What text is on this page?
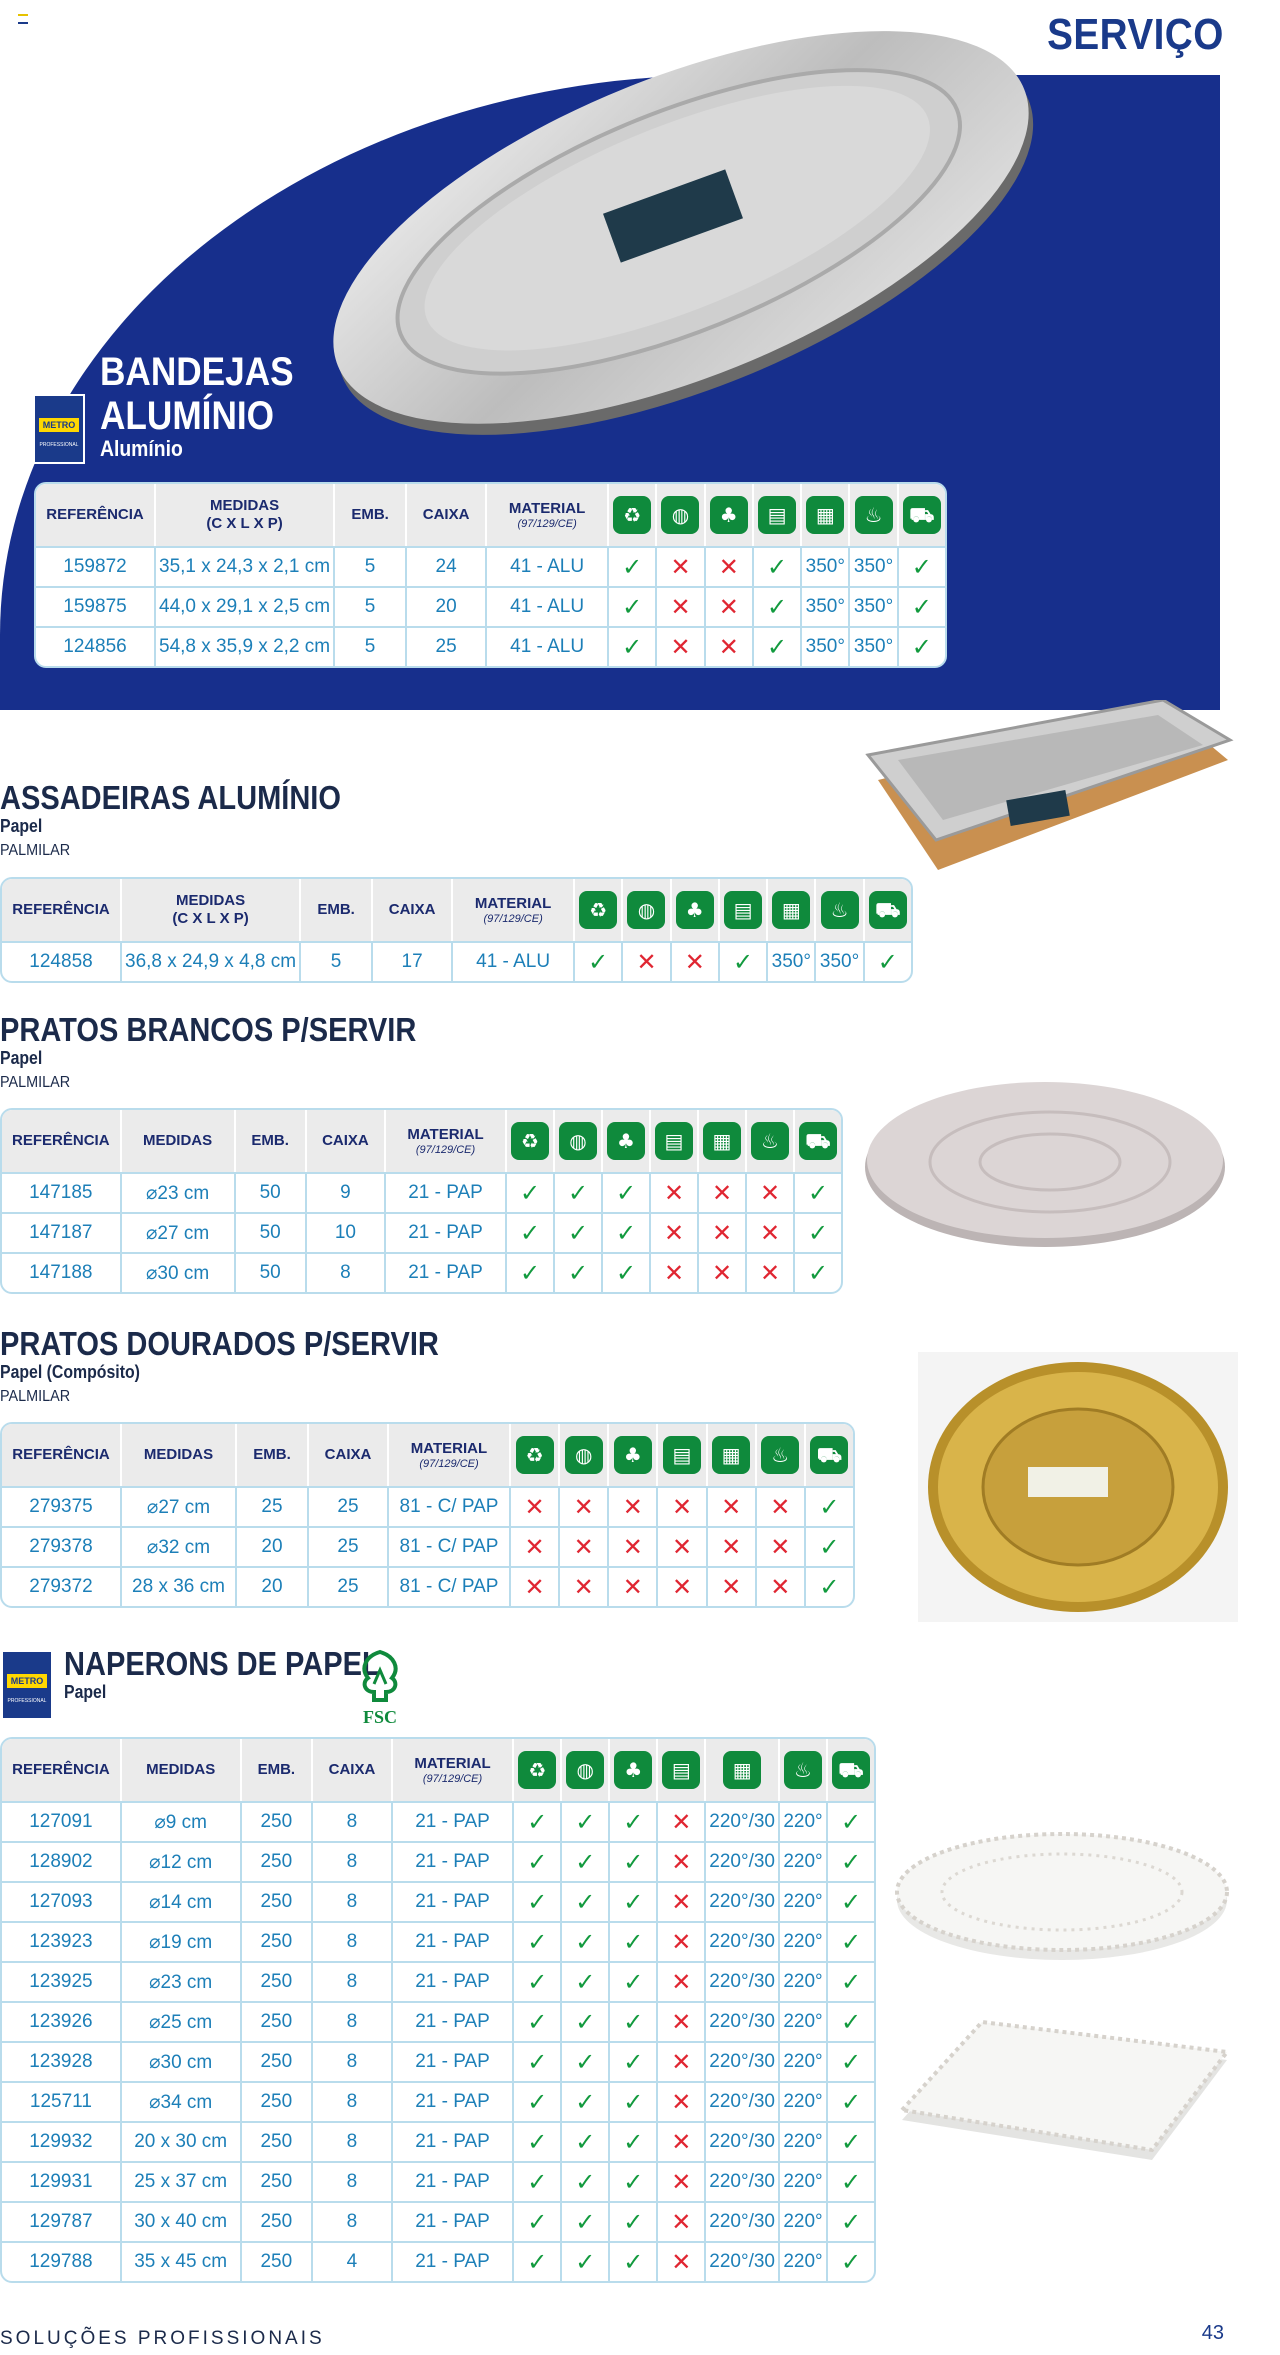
SERVIÇO
METRO
PROFESSIONAL
BANDEJAS
ALUMÍNIO
Alumínio
REFERÊNCIA	MEDIDAS
(C X L X P)	EMB.	CAIXA	MATERIAL
(97/129/CE)	♻	◍	♣	▤	▦	♨	⛟

159872	35,1 x 24,3 x 2,1 cm	5	24	41 - ALU	✓	✕	✕	✓	350°	350°	✓
159875	44,0 x 29,1 x 2,5 cm	5	20	41 - ALU	✓	✕	✕	✓	350°	350°	✓
124856	54,8 x 35,9 x 2,2 cm	5	25	41 - ALU	✓	✕	✕	✓	350°	350°	✓
ASSADEIRAS ALUMÍNIO
Papel
PALMILAR
REFERÊNCIA	MEDIDAS
(C X L X P)	EMB.	CAIXA	MATERIAL
(97/129/CE)	♻	◍	♣	▤	▦	♨	⛟

124858	36,8 x 24,9 x 4,8 cm	5	17	41 - ALU	✓	✕	✕	✓	350°	350°	✓
PRATOS BRANCOS P/SERVIR
Papel
PALMILAR
REFERÊNCIA	MEDIDAS	EMB.	CAIXA	MATERIAL
(97/129/CE)	♻	◍	♣	▤	▦	♨	⛟

147185	⌀23 cm	50	9	21 - PAP	✓	✓	✓	✕	✕	✕	✓
147187	⌀27 cm	50	10	21 - PAP	✓	✓	✓	✕	✕	✕	✓
147188	⌀30 cm	50	8	21 - PAP	✓	✓	✓	✕	✕	✕	✓
PRATOS DOURADOS P/SERVIR
Papel (Compósito)
PALMILAR
REFERÊNCIA	MEDIDAS	EMB.	CAIXA	MATERIAL
(97/129/CE)	♻	◍	♣	▤	▦	♨	⛟

279375	⌀27 cm	25	25	81 - C/ PAP	✕	✕	✕	✕	✕	✕	✓
279378	⌀32 cm	20	25	81 - C/ PAP	✕	✕	✕	✕	✕	✕	✓
279372	28 x 36 cm	20	25	81 - C/ PAP	✕	✕	✕	✕	✕	✕	✓
METRO
PROFESSIONAL
NAPERONS DE PAPEL
Papel
FSC
REFERÊNCIA	MEDIDAS	EMB.	CAIXA	MATERIAL
(97/129/CE)	♻	◍	♣	▤	▦	♨	⛟

127091	⌀9 cm	250	8	21 - PAP	✓	✓	✓	✕	220°/30	220°	✓
128902	⌀12 cm	250	8	21 - PAP	✓	✓	✓	✕	220°/30	220°	✓
127093	⌀14 cm	250	8	21 - PAP	✓	✓	✓	✕	220°/30	220°	✓
123923	⌀19 cm	250	8	21 - PAP	✓	✓	✓	✕	220°/30	220°	✓
123925	⌀23 cm	250	8	21 - PAP	✓	✓	✓	✕	220°/30	220°	✓
123926	⌀25 cm	250	8	21 - PAP	✓	✓	✓	✕	220°/30	220°	✓
123928	⌀30 cm	250	8	21 - PAP	✓	✓	✓	✕	220°/30	220°	✓
125711	⌀34 cm	250	8	21 - PAP	✓	✓	✓	✕	220°/30	220°	✓
129932	20 x 30 cm	250	8	21 - PAP	✓	✓	✓	✕	220°/30	220°	✓
129931	25 x 37 cm	250	8	21 - PAP	✓	✓	✓	✕	220°/30	220°	✓
129787	30 x 40 cm	250	8	21 - PAP	✓	✓	✓	✕	220°/30	220°	✓
129788	35 x 45 cm	250	4	21 - PAP	✓	✓	✓	✕	220°/30	220°	✓
SOLUÇÕES PROFISSIONAIS	43
